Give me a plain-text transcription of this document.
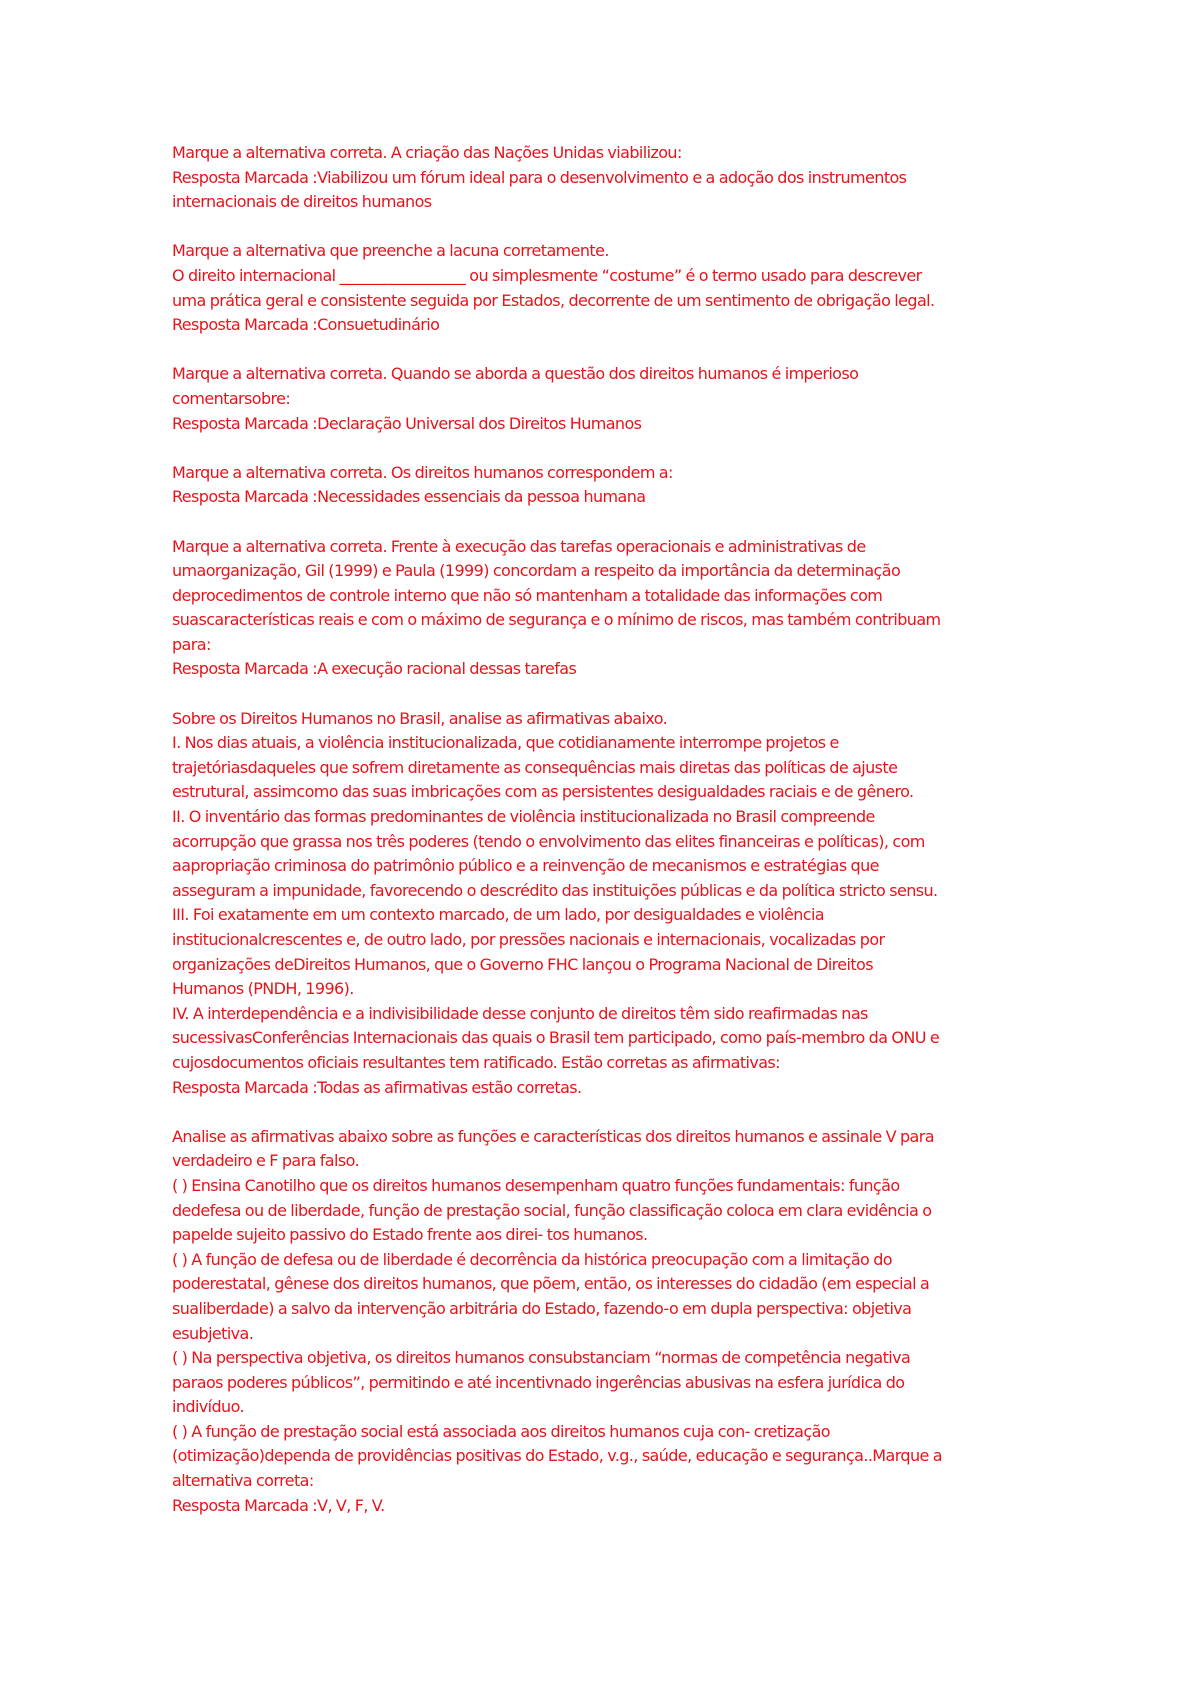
Marque a alternativa correta. A criação das Nações Unidas viabilizou:
Resposta Marcada :Viabilizou um fórum ideal para o desenvolvimento e a adoção dos instrumentos
internacionais de direitos humanos
Marque a alternativa que preenche a lacuna corretamente.
O direito internacional _________________ ou simplesmente “costume” é o termo usado para descrever
uma prática geral e consistente seguida por Estados, decorrente de um sentimento de obrigação legal.
Resposta Marcada :Consuetudinário
Marque a alternativa correta. Quando se aborda a questão dos direitos humanos é imperioso
comentarsobre:
Resposta Marcada :Declaração Universal dos Direitos Humanos
Marque a alternativa correta. Os direitos humanos correspondem a:
Resposta Marcada :Necessidades essenciais da pessoa humana
Marque a alternativa correta. Frente à execução das tarefas operacionais e administrativas de
umaorganização, Gil (1999) e Paula (1999) concordam a respeito da importância da determinação
deprocedimentos de controle interno que não só mantenham a totalidade das informações com
suascaracterísticas reais e com o máximo de segurança e o mínimo de riscos, mas também contribuam
para:
Resposta Marcada :A execução racional dessas tarefas
Sobre os Direitos Humanos no Brasil, analise as afirmativas abaixo.
I. Nos dias atuais, a violência institucionalizada, que cotidianamente interrompe projetos e
trajetóriasdaqueles que sofrem diretamente as consequências mais diretas das políticas de ajuste
estrutural, assimcomo das suas imbricações com as persistentes desigualdades raciais e de gênero.
II. O inventário das formas predominantes de violência institucionalizada no Brasil compreende
acorrupção que grassa nos três poderes (tendo o envolvimento das elites financeiras e políticas), com
aapropriação criminosa do patrimônio público e a reinvenção de mecanismos e estratégias que
asseguram a impunidade, favorecendo o descrédito das instituições públicas e da política stricto sensu.
III. Foi exatamente em um contexto marcado, de um lado, por desigualdades e violência
institucionalcrescentes e, de outro lado, por pressões nacionais e internacionais, vocalizadas por
organizações deDireitos Humanos, que o Governo FHC lançou o Programa Nacional de Direitos
Humanos (PNDH, 1996).
IV. A interdependência e a indivisibilidade desse conjunto de direitos têm sido reafirmadas nas
sucessivasConferências Internacionais das quais o Brasil tem participado, como país-membro da ONU e
cujosdocumentos oficiais resultantes tem ratificado. Estão corretas as afirmativas:
Resposta Marcada :Todas as afirmativas estão corretas.
Analise as afirmativas abaixo sobre as funções e características dos direitos humanos e assinale V para
verdadeiro e F para falso.
( ) Ensina Canotilho que os direitos humanos desempenham quatro funções fundamentais: função
dedefesa ou de liberdade, função de prestação social, função classificação coloca em clara evidência o
papelde sujeito passivo do Estado frente aos direi- tos humanos.
( ) A função de defesa ou de liberdade é decorrência da histórica preocupação com a limitação do
poderestatal, gênese dos direitos humanos, que põem, então, os interesses do cidadão (em especial a
sualiberdade) a salvo da intervenção arbitrária do Estado, fazendo-o em dupla perspectiva: objetiva
esubjetiva.
( ) Na perspectiva objetiva, os direitos humanos consubstanciam “normas de competência negativa
paraos poderes públicos”, permitindo e até incentivnado ingerências abusivas na esfera jurídica do
indivíduo.
( ) A função de prestação social está associada aos direitos humanos cuja con- cretização
(otimização)dependa de providências positivas do Estado, v.g., saúde, educação e segurança..Marque a
alternativa correta:
Resposta Marcada :V, V, F, V.
